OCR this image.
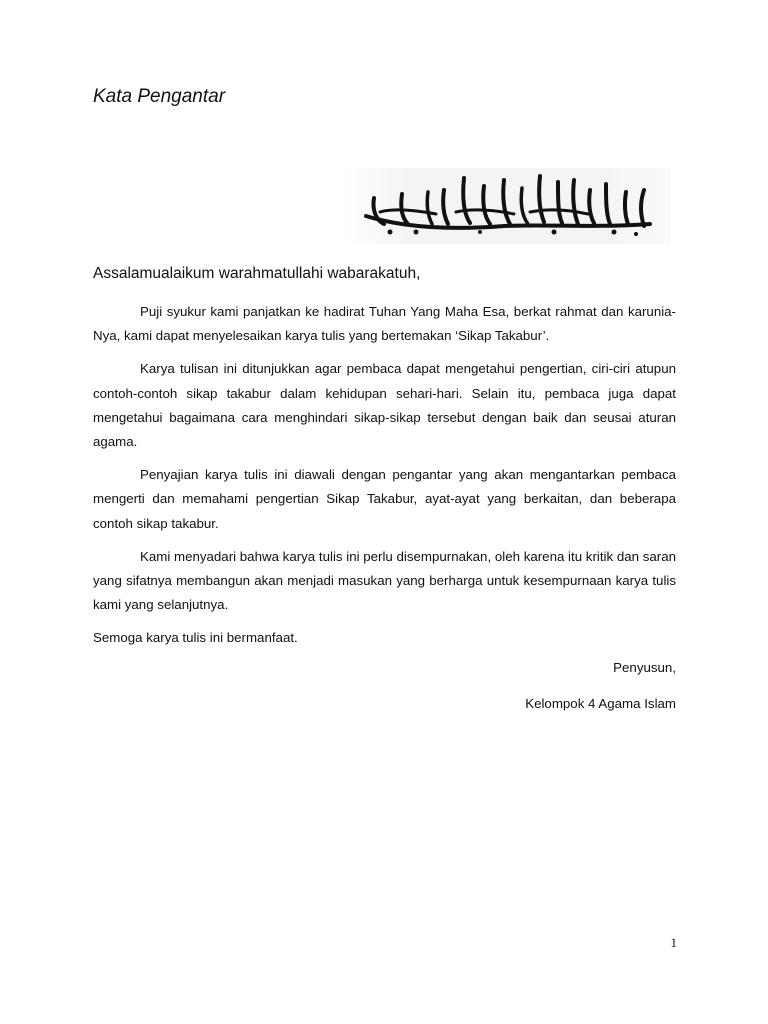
Kata Pengantar
Assalamualaikum warahmatullahi wabarakatuh,

Puji syukur kami panjatkan ke hadirat Tuhan Yang Maha Esa, berkat rahmat dan karunia-Nya, kami dapat menyelesaikan karya tulis yang bertemakan ‘Sikap Takabur’.

Karya tulisan ini ditunjukkan agar pembaca dapat mengetahui pengertian, ciri-ciri atupun contoh-contoh sikap takabur dalam kehidupan sehari-hari. Selain itu, pembaca juga dapat mengetahui bagaimana cara menghindari sikap-sikap tersebut dengan baik dan seusai aturan agama.

Penyajian karya tulis ini diawali dengan pengantar yang akan mengantarkan pembaca mengerti dan memahami pengertian Sikap Takabur, ayat-ayat yang berkaitan, dan beberapa contoh sikap takabur.

Kami menyadari bahwa karya tulis ini perlu disempurnakan, oleh karena itu kritik dan saran yang sifatnya membangun akan menjadi masukan yang berharga untuk kesempurnaan karya tulis kami yang selanjutnya.

Semoga karya tulis ini bermanfaat.

Penyusun,

Kelompok 4 Agama Islam

1
